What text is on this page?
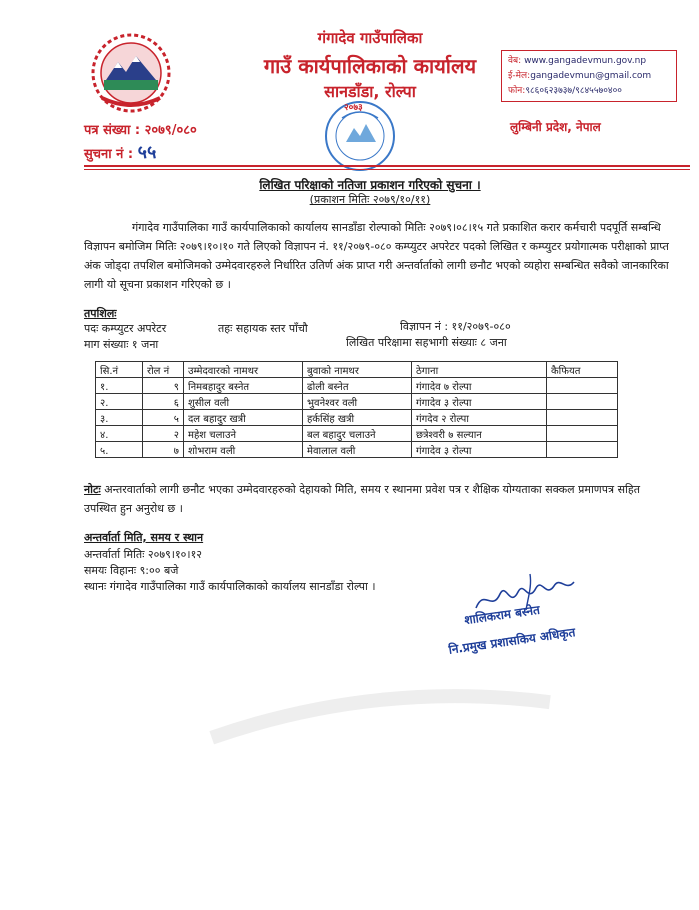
गंगादेव गाउँपालिका
गाउँ कार्यपालिकाको कार्यालय
सानडाँडा, रोल्पा
वेब: www.gangadevmun.gov.np
ई-मेल:gangadevmun@gmail.com
फोन:९८६०६२३७३७/९८४५५७०४००
लुम्बिनी प्रदेश, नेपाल
पत्र संख्या : २०७९/०८०
सुचना नं : ५५
२०७३
लिखित परिक्षाको नतिजा प्रकाशन गरिएको सुचना ।
(प्रकाशन मितिः २०७९/१०/११)
गंगादेव गाउँपालिका गाउँ कार्यपालिकाको कार्यालय सानडाँडा रोल्पाको मितिः २०७९।०८।१५ गते प्रकाशित करार कर्मचारी पदपूर्ति सम्बन्धि विज्ञापन बमोजिम मितिः २०७९।१०।१० गते लिएको विज्ञापन नं. ११/२०७९-०८० कम्प्युटर अपरेटर पदको लिखित र कम्प्युटर प्रयोगात्मक परीक्षाको प्राप्त अंक जोड्दा तपशिल बमोजिमको उम्मेदवारहरुले निर्धारित उतिर्ण अंक प्राप्त गरी अन्तर्वार्ताको लागी छनौट भएको व्यहोरा सम्बन्धित सवैको जानकारिका लागी यो सूचना प्रकाशन गरिएको छ ।
तपशिलः
पदः कम्प्युटर अपरेटर	तहः सहायक स्तर पाँचौ	विज्ञापन नं : ११/२०७९-०८०
माग संख्याः १ जना	लिखित परिक्षामा सहभागी संख्याः ८ जना
सि.नं	रोल नं	उम्मेदवारको नामथर	बुवाको नामथर	ठेगाना	कैफियत
१.	९	निमबहादुर बस्नेत	ढोली बस्नेत	गंगादेव ७ रोल्पा	
२.	६	शुसील वली	भुवनेश्वर वली	गंगादेव ३ रोल्पा	
३.	५	दल बहादुर खत्री	हर्कसिंह खत्री	गंगदेव २ रोल्पा	
४.	२	महेश चलाउने	बल बहादुर चलाउने	छत्रेश्वरी ७ सल्यान	
५.	७	शोभराम वली	मेवालाल वली	गंगादेव ३ रोल्पा	
नोटः अन्तरवार्ताको लागी छनौट भएका उम्मेदवारहरुको देहायको मिति, समय र स्थानमा प्रवेश पत्र र शैक्षिक योग्यताका सक्कल प्रमाणपत्र सहित उपस्थित हुन अनुरोध छ ।
अन्तर्वार्ता मिति, समय र स्थान
अन्तर्वार्ता मितिः २०७९।१०।१२
समयः विहानः ९:०० बजे
स्थानः गंगादेव गाउँपालिका गाउँ कार्यपालिकाको कार्यालय सानडाँडा रोल्पा ।
शालिकराम बस्नेत
नि.प्रमुख प्रशासकिय अधिकृत
